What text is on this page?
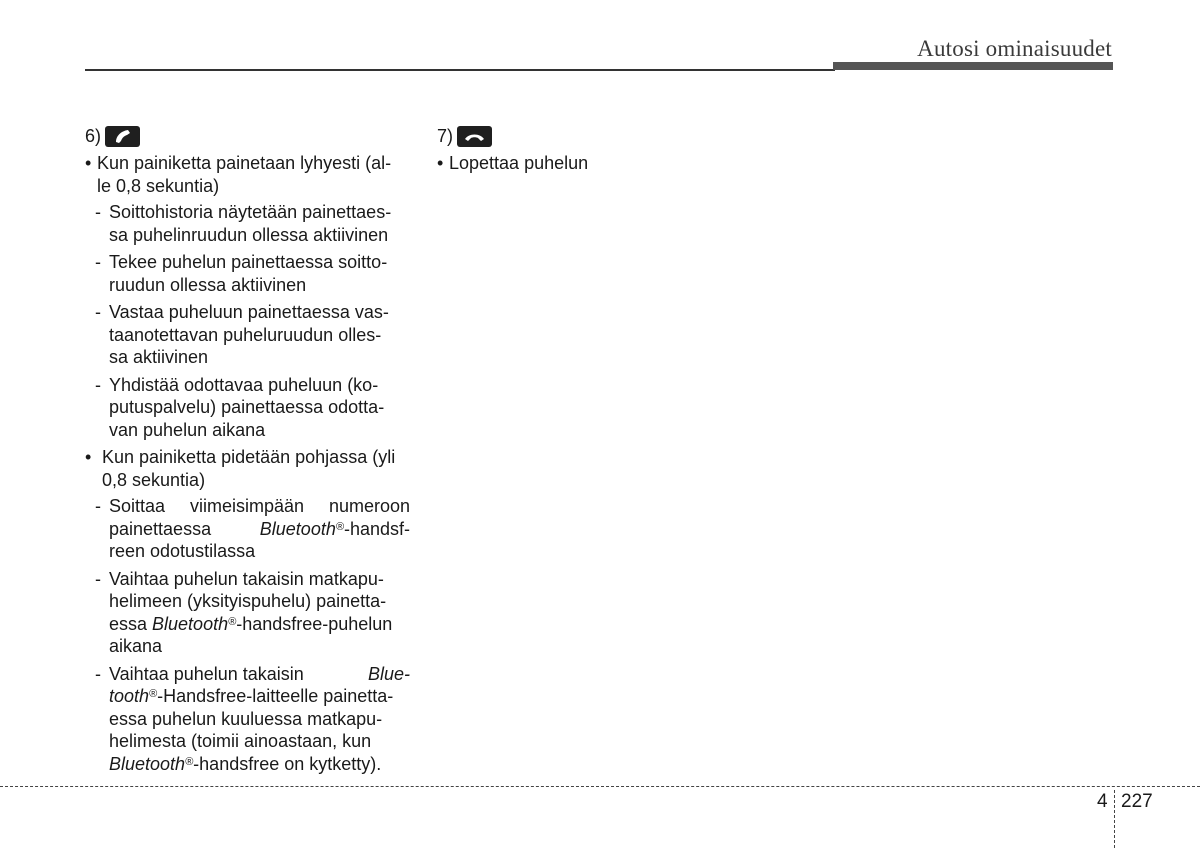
Autosi ominaisuudet
6)
• Kun painiketta painetaan lyhyesti (al-
le 0,8 sekuntia)
- Soittohistoria näytetään painettaes-
sa puhelinruudun ollessa aktiivinen
- Tekee puhelun painettaessa soitto-
ruudun ollessa aktiivinen
- Vastaa puheluun painettaessa vas-
taanotettavan puheluruudun olles-
sa aktiivinen
- Yhdistää odottavaa puheluun (ko-
putuspalvelu) painettaessa odotta-
van puhelun aikana
• Kun painiketta pidetään pohjassa (yli
0,8 sekuntia)
- Soittaa viimeisimpään numeroon
painettaessa	Bluetooth®-handsf-
reen odotustilassa
- Vaihtaa puhelun takaisin matkapu-
helimeen (yksityispuhelu) painetta-
essa Bluetooth®-handsfree-puhelun
aikana
- Vaihtaa puhelun takaisin	Blue-
tooth®-Handsfree-laitteelle painetta-
essa puhelun kuuluessa matkapu-
helimesta (toimii ainoastaan, kun
Bluetooth®-handsfree on kytketty).
7)
• Lopettaa puhelun
4 227
